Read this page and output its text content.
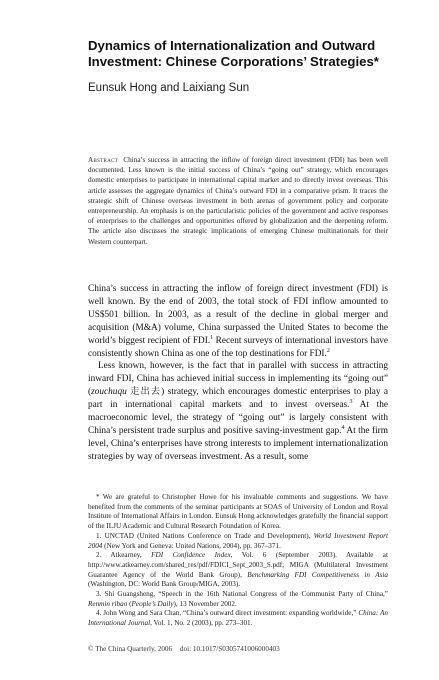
Dynamics of Internationalization and Outward Investment: Chinese Corporations’ Strategies*
Eunsuk Hong and Laixiang Sun
Abstract China’s success in attracting the inflow of foreign direct investment (FDI) has been well documented. Less known is the initial success of China’s “going out” strategy, which encourages domestic enterprises to participate in international capital market and to directly invest overseas. This article assesses the aggregate dynamics of China’s outward FDI in a comparative prism. It traces the strategic shift of Chinese overseas investment in both arenas of government policy and corporate entrepreneurship. An emphasis is on the particularistic policies of the government and active responses of enterprises to the challenges and opportunities offered by globalization and the deepening reform. The article also discusses the strategic implications of emerging Chinese multinationals for their Western counterpart.

China’s success in attracting the inflow of foreign direct investment (FDI) is well known. By the end of 2003, the total stock of FDI inflow amounted to US$501 billion. In 2003, as a result of the decline in global merger and acquisition (M&A) volume, China surpassed the United States to become the world’s biggest recipient of FDI.$^1$ Recent surveys of international investors have consistently shown China as one of the top destinations for FDI.$^2$

Less known, however, is the fact that in parallel with success in attracting inward FDI, China has achieved initial success in implementing its “going out” (zouchuqu 走出去) strategy, which encourages domestic enterprises to play a part in international capital markets and to invest overseas.$^3$ At the macroeconomic level, the strategy of “going out” is largely consistent with China’s persistent trade surplus and positive saving-investment gap.$^4$ At the firm level, China’s enterprises have strong interests to implement internationalization strategies by way of overseas investment. As a result, some

* We are grateful to Christopher Howe for his invaluable comments and suggestions. We have benefited from the comments of the seminar participants at SOAS of University of London and Royal Institute of International Affairs in London. Eunsuk Hong acknowledges gratefully the financial support of the ILJU Academic and Cultural Research Foundation of Korea.

1. UNCTAD (United Nations Conference on Trade and Development), World Investment Report 2004 (New York and Geneva: United Nations, 2004), pp. 367–371.

2. Atkearney, FDI Confidence Index, Vol. 6 (September 2003). Available at http://www.atkearney.com/shared_res/pdf/FDICI_Sept_2003_S.pdf; MIGA (Multilateral Investment Guarantee Agency of the World Bank Group), Benchmarking FDI Competitiveness in Asia (Washington, DC: World Bank Group/MIGA, 2003).

3. Shi Guangsheng, “Speech in the 16th National Congress of the Communist Party of China,” Renmin ribao (People’s Daily), 13 November 2002.

4. John Wong and Sara Chan, “China’s outward direct investment: expanding worldwide,” China: An International Journal, Vol. 1, No. 2 (2003), pp. 273–301.

© The China Quarterly, 2006 doi: 10.1017/S0305741006000403
